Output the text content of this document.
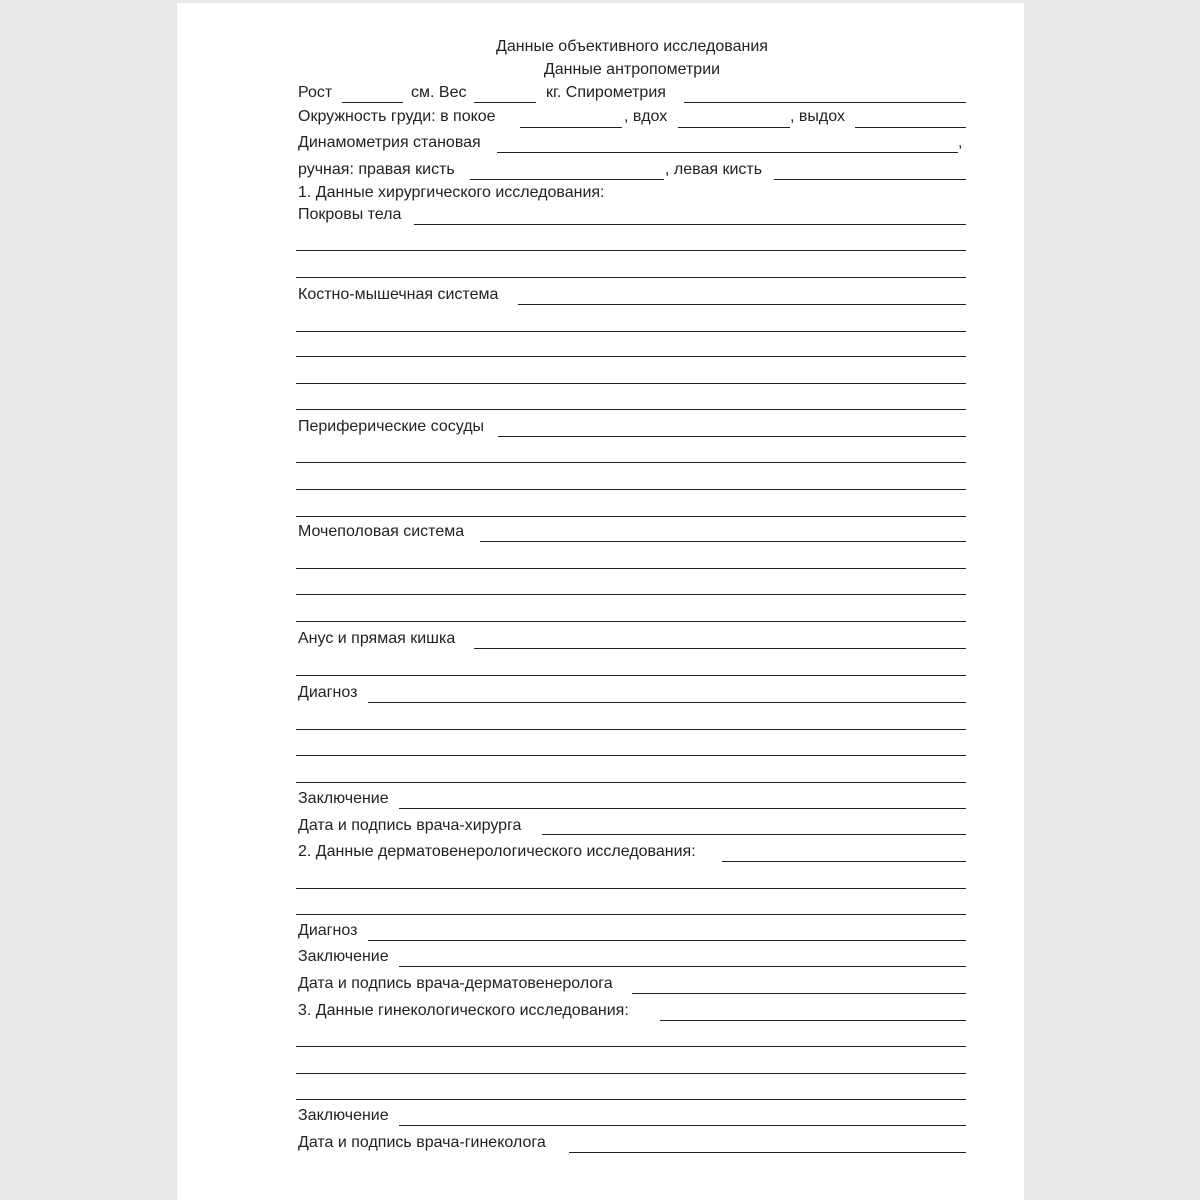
Данные объективного исследования
Данные антропометрии
Рост	см. Вес	кг. Спирометрия
Окружность груди: в покое	, вдох	, выдох
Динамометрия становая	,
ручная: правая кисть	, левая кисть
1. Данные хирургического исследования:
Покровы тела
Костно-мышечная система
Периферические сосуды
Мочеполовая система
Анус и прямая кишка
Диагноз
Заключение
Дата и подпись врача-хирурга
2. Данные дерматовенерологического исследования:
Диагноз
Заключение
Дата и подпись врача-дерматовенеролога
3. Данные гинекологического исследования:
Заключение
Дата и подпись врача-гинеколога
